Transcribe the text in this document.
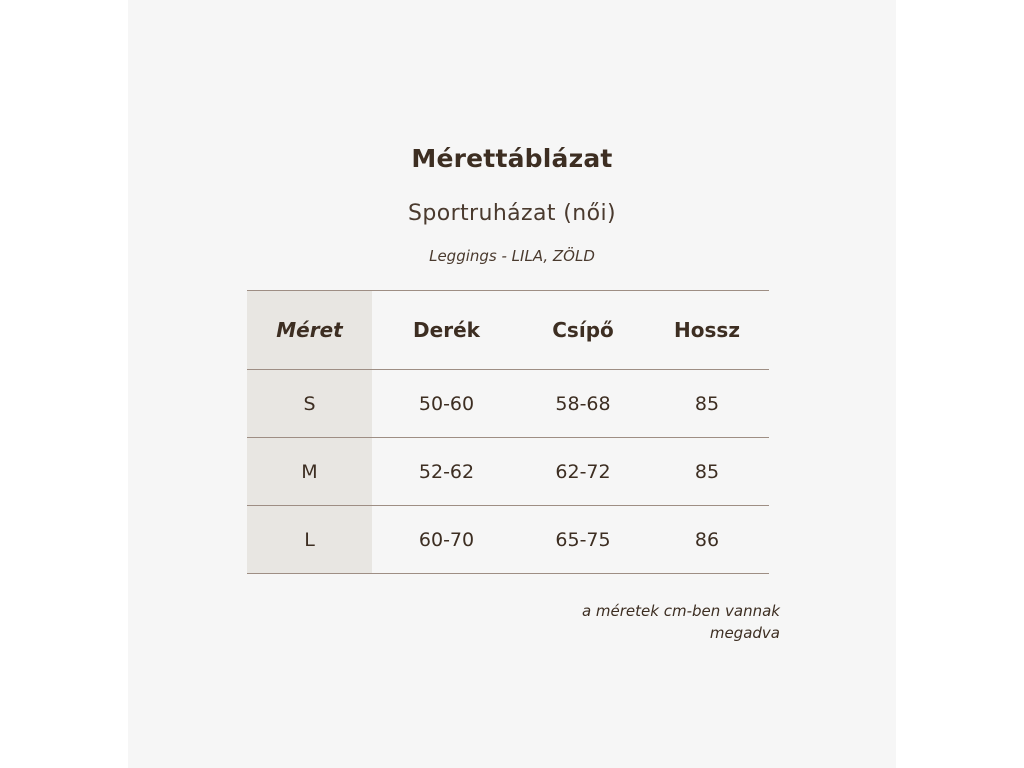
Mérettáblázat
Sportruházat (női)
Leggings - LILA, ZÖLD
Méret	Derék	Csípő	Hossz
S	50-60	58-68	85
M	52-62	62-72	85
L	60-70	65-75	86
a méretek cm-ben vannak
megadva
